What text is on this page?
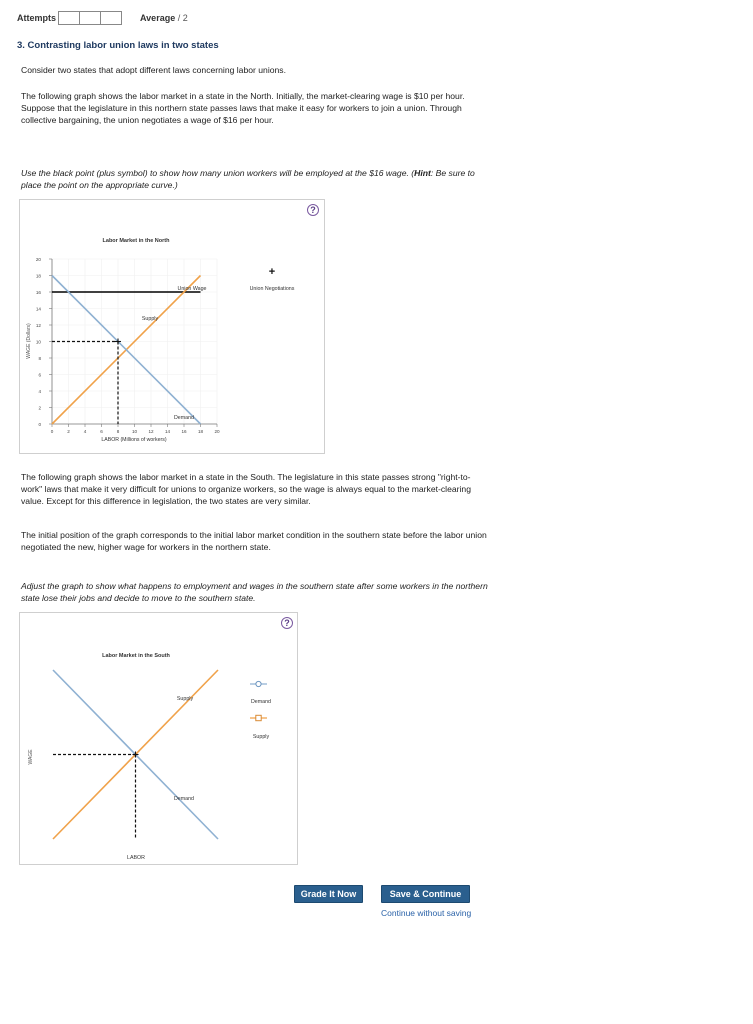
Attempts	Average / 2
3. Contrasting labor union laws in two states

Consider two states that adopt different laws concerning labor unions.

The following graph shows the labor market in a state in the North. Initially, the market-clearing wage is $10 per hour. Suppose that the legislature in this northern state passes laws that make it easy for workers to join a union. Through collective bargaining, the union negotiates a wage of $16 per hour.

Use the black point (plus symbol) to show how many union workers will be employed at the $16 wage. (Hint: Be sure to place the point on the appropriate curve.)

?
Labor Market in the North
0
2
4
6
8
10
12
14
16
18
20
0	2	4	6	8	10 12 14 16 18 20
WAGE (Dollars)
LABOR (Millions of workers)
Union Wage
Supply
Demand
+
Union Negotiations

The following graph shows the labor market in a state in the South. The legislature in this state passes strong "right-to-work" laws that make it very difficult for unions to organize workers, so the wage is always equal to the market-clearing value. Except for this difference in legislation, the two states are very similar.

The initial position of the graph corresponds to the initial labor market condition in the southern state before the labor union negotiated the new, higher wage for workers in the northern state.

Adjust the graph to show what happens to employment and wages in the southern state after some workers in the northern state lose their jobs and decide to move to the southern state.

?
Labor Market in the South
WAGE
LABOR
Supply
Demand
Demand
Supply
Grade It Now	Save & Continue
Continue without saving
